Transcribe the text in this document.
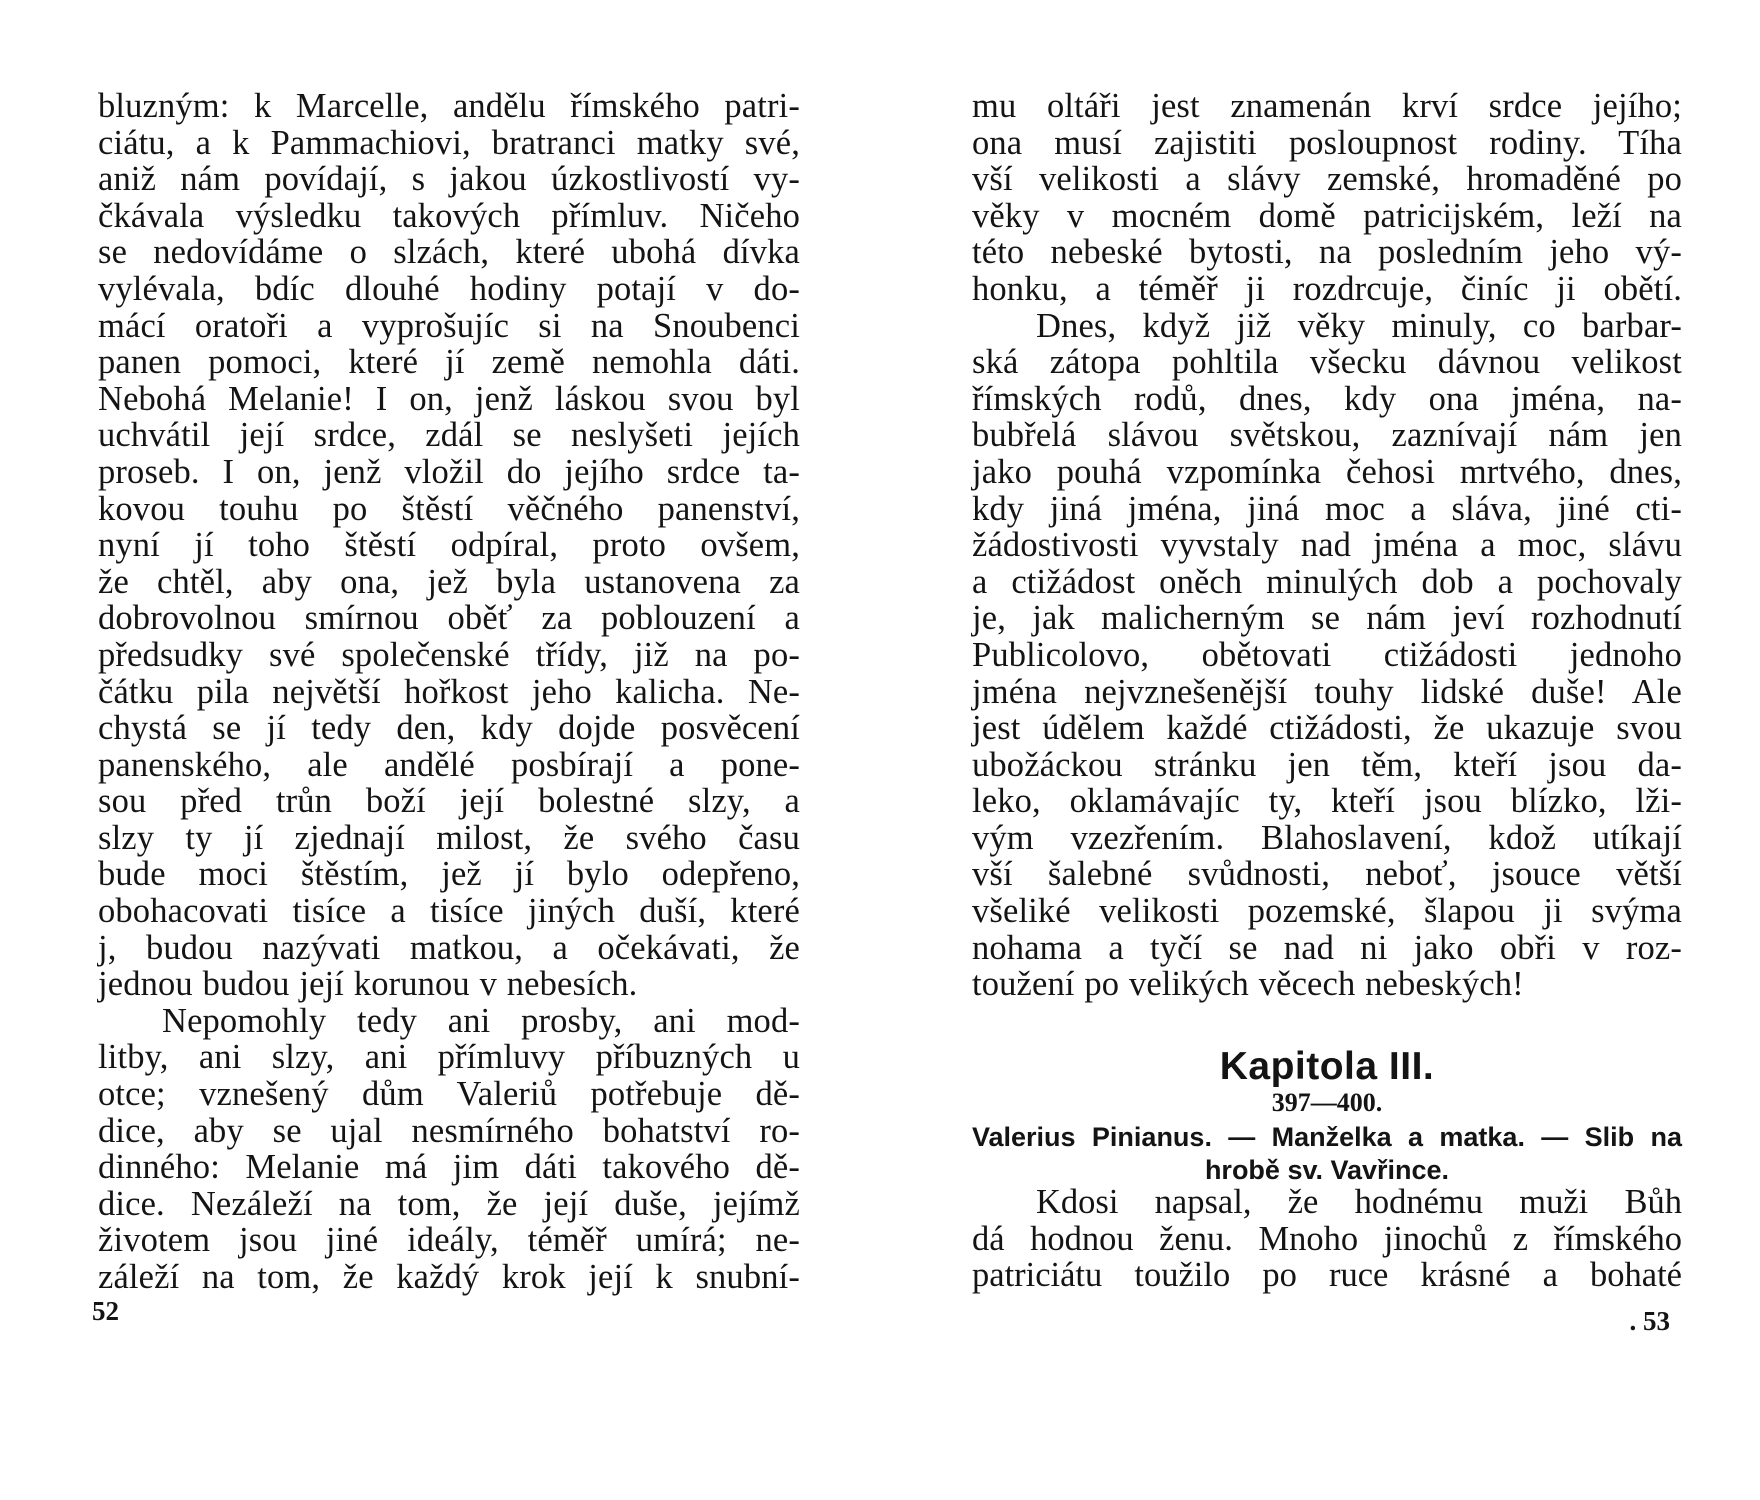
bluzným: k Marcelle, andělu římského patri-
ciátu, a k Pammachiovi, bratranci matky své,
aniž nám povídají, s jakou úzkostlivostí vy-
čkávala výsledku takových přímluv. Ničeho
se nedovídáme o slzách, které ubohá dívka
vylévala, bdíc dlouhé hodiny potají v do-
mácí oratoři a vyprošujíc si na Snoubenci
panen pomoci, které jí země nemohla dáti.
Nebohá Melanie! I on, jenž láskou svou byl
uchvátil její srdce, zdál se neslyšeti jejích
proseb. I on, jenž vložil do jejího srdce ta-
kovou touhu po štěstí věčného panenství,
nyní jí toho štěstí odpíral, proto ovšem,
že chtěl, aby ona, jež byla ustanovena za
dobrovolnou smírnou oběť za poblouzení a
předsudky své společenské třídy, již na po-
čátku pila největší hořkost jeho kalicha. Ne-
chystá se jí tedy den, kdy dojde posvěcení
panenského, ale andělé posbírají a pone-
sou před trůn boží její bolestné slzy, a
slzy ty jí zjednají milost, že svého času
bude moci štěstím, jež jí bylo odepřeno,
obohacovati tisíce a tisíce jiných duší, které
j, budou nazývati matkou, a očekávati, že
jednou budou její korunou v nebesích.
Nepomohly tedy ani prosby, ani mod-
litby, ani slzy, ani přímluvy příbuzných u
otce; vznešený dům Valeriů potřebuje dě-
dice, aby se ujal nesmírného bohatství ro-
dinného: Melanie má jim dáti takového dě-
dice. Nezáleží na tom, že její duše, jejímž
životem jsou jiné ideály, téměř umírá; ne-
záleží na tom, že každý krok její k snubní-
52
mu oltáři jest znamenán krví srdce jejího;
ona musí zajistiti posloupnost rodiny. Tíha
vší velikosti a slávy zemské, hromaděné po
věky v mocném domě patricijském, leží na
této nebeské bytosti, na posledním jeho vý-
honku, a téměř ji rozdrcuje, činíc ji obětí.
Dnes, když již věky minuly, co barbar-
ská zátopa pohltila všecku dávnou velikost
římských rodů, dnes, kdy ona jména, na-
bubřelá slávou světskou, zaznívají nám jen
jako pouhá vzpomínka čehosi mrtvého, dnes,
kdy jiná jména, jiná moc a sláva, jiné cti-
žádostivosti vyvstaly nad jména a moc, slávu
a ctižádost oněch minulých dob a pochovaly
je, jak malicherným se nám jeví rozhodnutí
Publicolovo, obětovati ctižádosti jednoho
jména nejvznešenější touhy lidské duše! Ale
jest údělem každé ctižádosti, že ukazuje svou
ubožáckou stránku jen těm, kteří jsou da-
leko, oklamávajíc ty, kteří jsou blízko, lži-
vým vzezřením. Blahoslavení, kdož utíkají
vší šalebné svůdnosti, neboť, jsouce větší
všeliké velikosti pozemské, šlapou ji svýma
nohama a tyčí se nad ni jako obři v roz-
toužení po velikých věcech nebeských!
Kapitola III.
397—400.
Valerius Pinianus. — Manželka a matka. — Slib na hrobě sv. Vavřince.
Kdosi napsal, že hodnému muži Bůh
dá hodnou ženu. Mnoho jinochů z římského
patriciátu toužilo po ruce krásné a bohaté
. 53
